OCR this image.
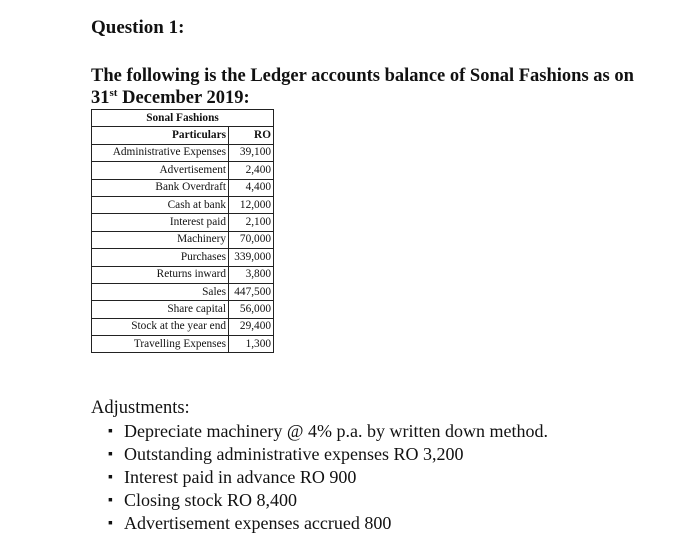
Question 1:
The following is the Ledger accounts balance of Sonal Fashions as on 31st December 2019:
Sonal Fashions	
Particulars	RO
Administrative Expenses	39,100
Advertisement	2,400
Bank Overdraft	4,400
Cash at bank	12,000
Interest paid	2,100
Machinery	70,000
Purchases	339,000
Returns inward	3,800
Sales	447,500
Share capital	56,000
Stock at the year end	29,400
Travelling Expenses	1,300
Adjustments:
▪ Depreciate machinery @ 4% p.a. by written down method.
▪ Outstanding administrative expenses RO 3,200
▪ Interest paid in advance RO 900
▪ Closing stock RO 8,400
▪ Advertisement expenses accrued 800
